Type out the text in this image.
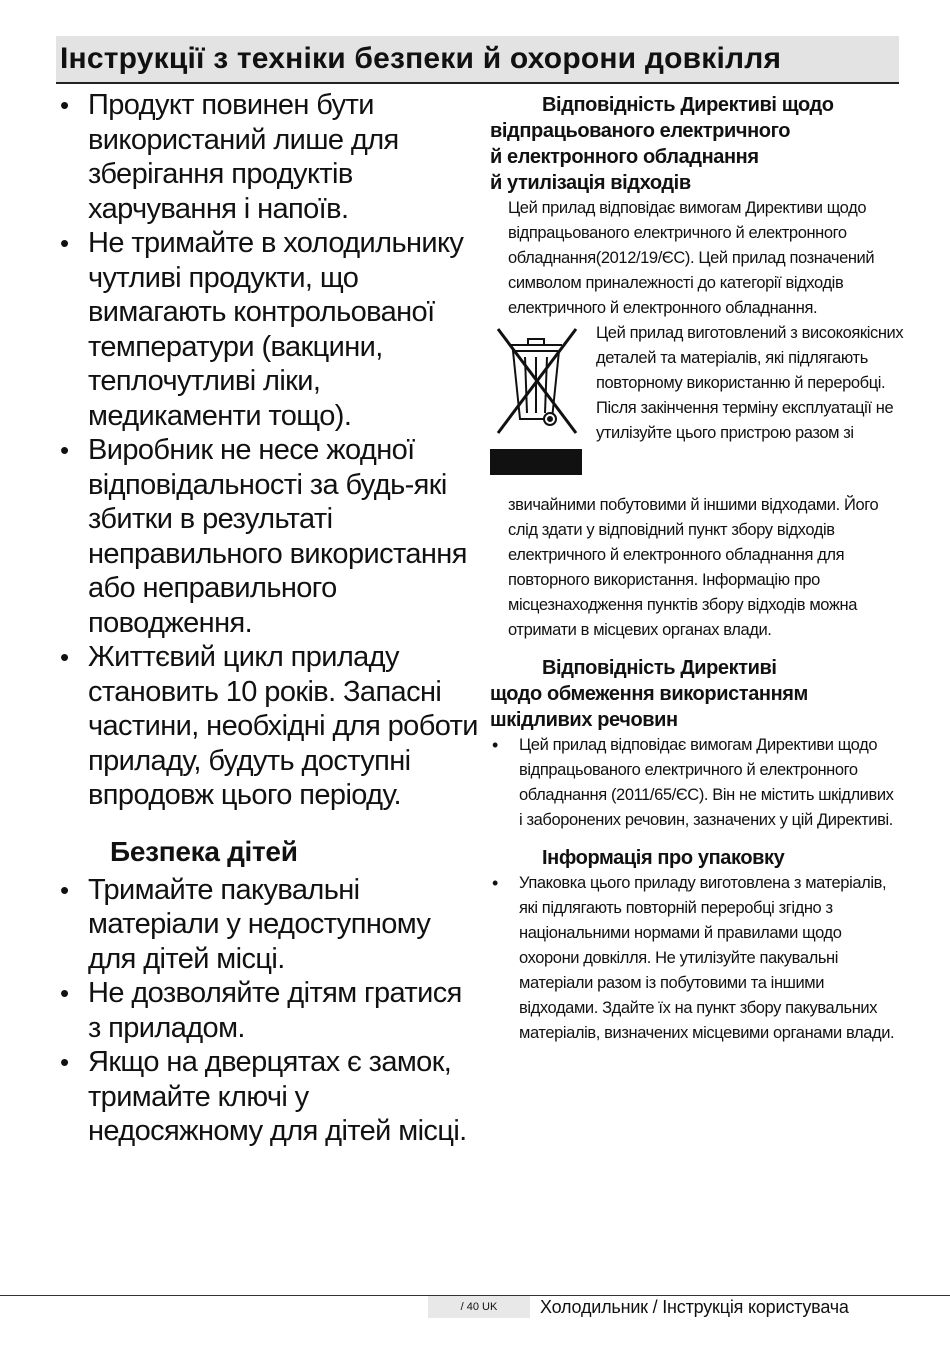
Інструкції з техніки безпеки й охорони довкілля
• Продукт повинен бути використаний лише для зберігання продуктів харчування і напоїв.
• Не тримайте в холодильнику чутливі продукти, що вимагають контрольованої температури (вакцини, теплочутливі ліки, медикаменти тощо).
• Виробник не несе жодної відповідальності за будь-які збитки в результаті неправильного використання або неправильного поводження.
• Життєвий цикл приладу становить 10 років. Запасні частини, необхідні для роботи приладу, будуть доступні впродовж цього періоду.
Безпека дітей
• Тримайте пакувальні матеріали у недоступному для дітей місці.
• Не дозволяйте дітям гратися з приладом.
• Якщо на дверцятах є замок, тримайте ключі у недосяжному для дітей місці.
Відповідність Директиві щодо
відпрацьованого електричного
й електронного обладнання
й утилізація відходів
Цей прилад відповідає вимогам Директиви щодо відпрацьованого електричного й електронного обладнання(2012/19/ЄС). Цей прилад позначений символом приналежності до категорії відходів електричного й електронного обладнання.
Цей прилад виготовлений з високоякісних деталей та матеріалів, які підлягають повторному використанню й переробці. Після закінчення терміну експлуатації не утилізуйте цього пристрою разом зі
звичайними побутовими й іншими відходами. Його слід здати у відповідний пункт збору відходів електричного й електронного обладнання для повторного використання. Інформацію про місцезнаходження пунктів збору відходів можна отримати в місцевих органах влади.
Відповідність Директиві
щодо обмеження використанням
шкідливих речовин
• Цей прилад відповідає вимогам Директиви щодо відпрацьованого електричного й електронного обладнання (2011/65/ЄС). Він не містить шкідливих і заборонених речовин, зазначених у цій Директиві.
Інформація про упаковку
• Упаковка цього приладу виготовлена з матеріалів, які підлягають повторній переробці згідно з національними нормами й правилами щодо охорони довкілля. Не утилізуйте пакувальні матеріали разом із побутовими та іншими відходами. Здайте їх на пункт збору пакувальних матеріалів, визначених місцевими органами влади.
/ 40 UK	Холодильник / Інструкція користувача
